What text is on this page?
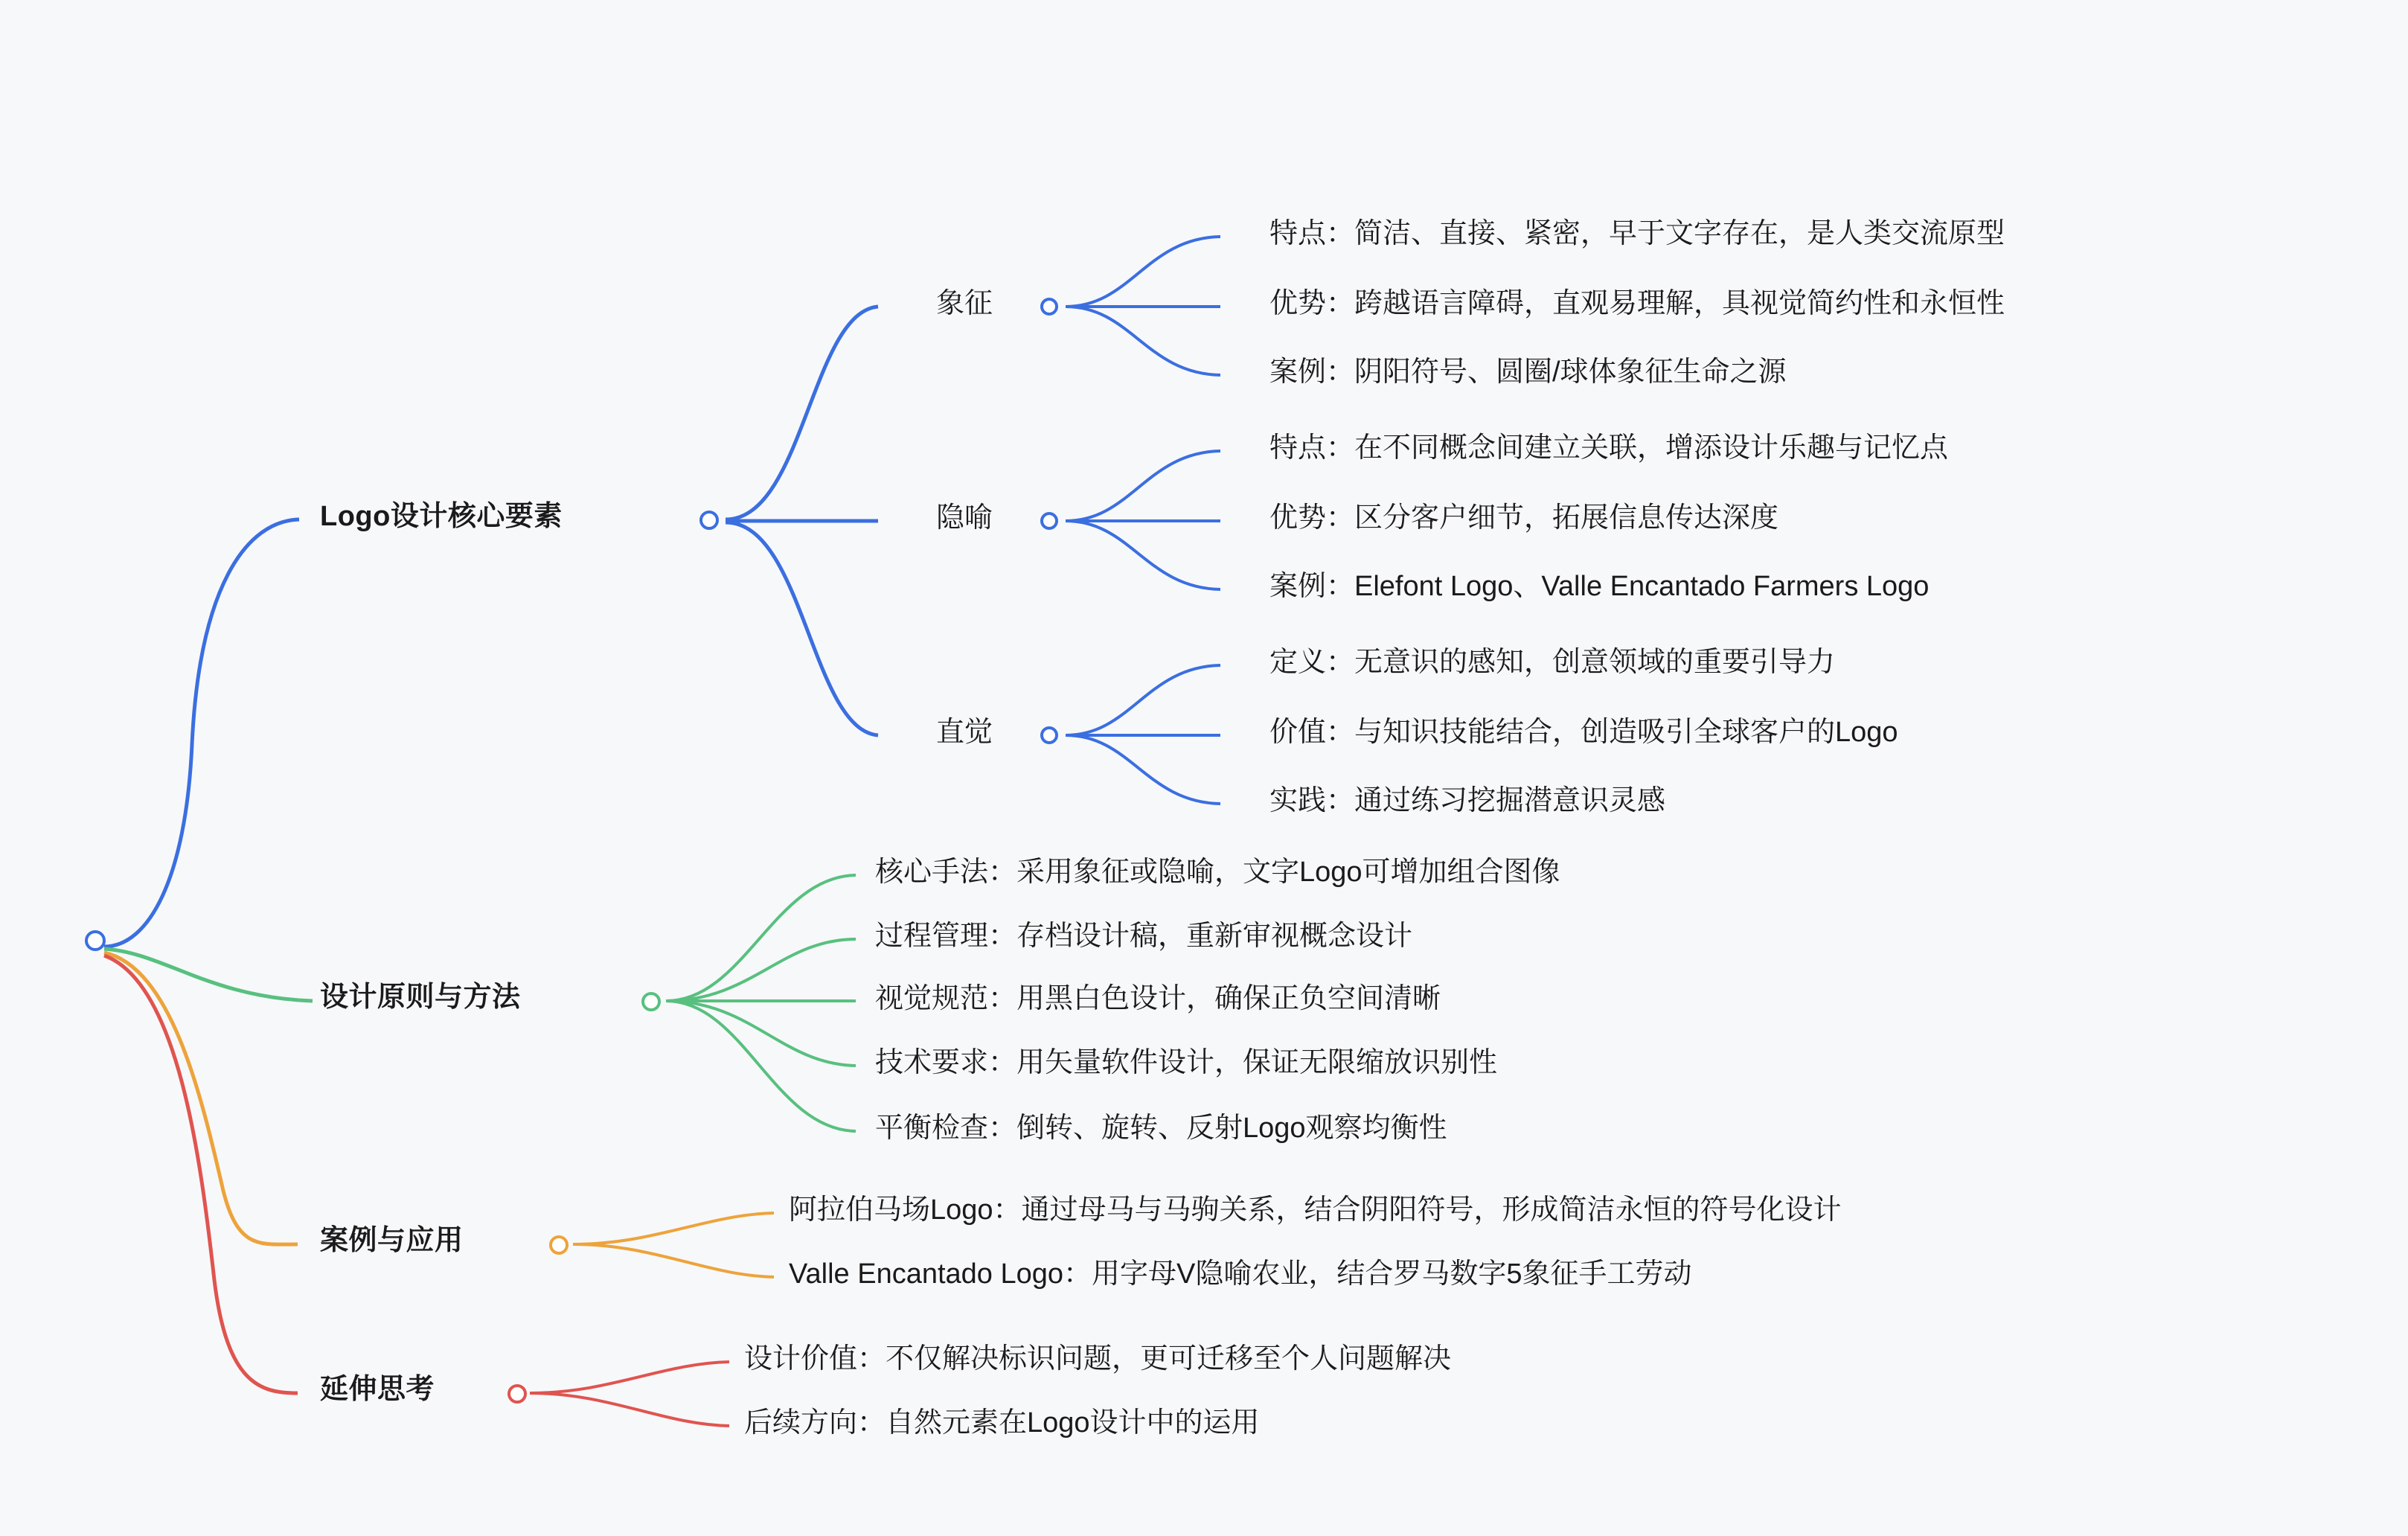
Logo设计核心要素
象征
隐喻
直觉
特点：简洁、直接、紧密，早于文字存在，是人类交流原型
优势：跨越语言障碍，直观易理解，具视觉简约性和永恒性
案例：阴阳符号、圆圈/球体象征生命之源
特点：在不同概念间建立关联，增添设计乐趣与记忆点
优势：区分客户细节，拓展信息传达深度
案例：Elefont Logo、Valle Encantado Farmers Logo
定义：无意识的感知，创意领域的重要引导力
价值：与知识技能结合，创造吸引全球客户的Logo
实践：通过练习挖掘潜意识灵感
设计原则与方法
核心手法：采用象征或隐喻，文字Logo可增加组合图像
过程管理：存档设计稿，重新审视概念设计
视觉规范：用黑白色设计，确保正负空间清晰
技术要求：用矢量软件设计，保证无限缩放识别性
平衡检查：倒转、旋转、反射Logo观察均衡性
案例与应用
阿拉伯马场Logo：通过母马与马驹关系，结合阴阳符号，形成简洁永恒的符号化设计
Valle Encantado Logo：用字母V隐喻农业，结合罗马数字5象征手工劳动
延伸思考
设计价值：不仅解决标识问题，更可迁移至个人问题解决
后续方向：自然元素在Logo设计中的运用
